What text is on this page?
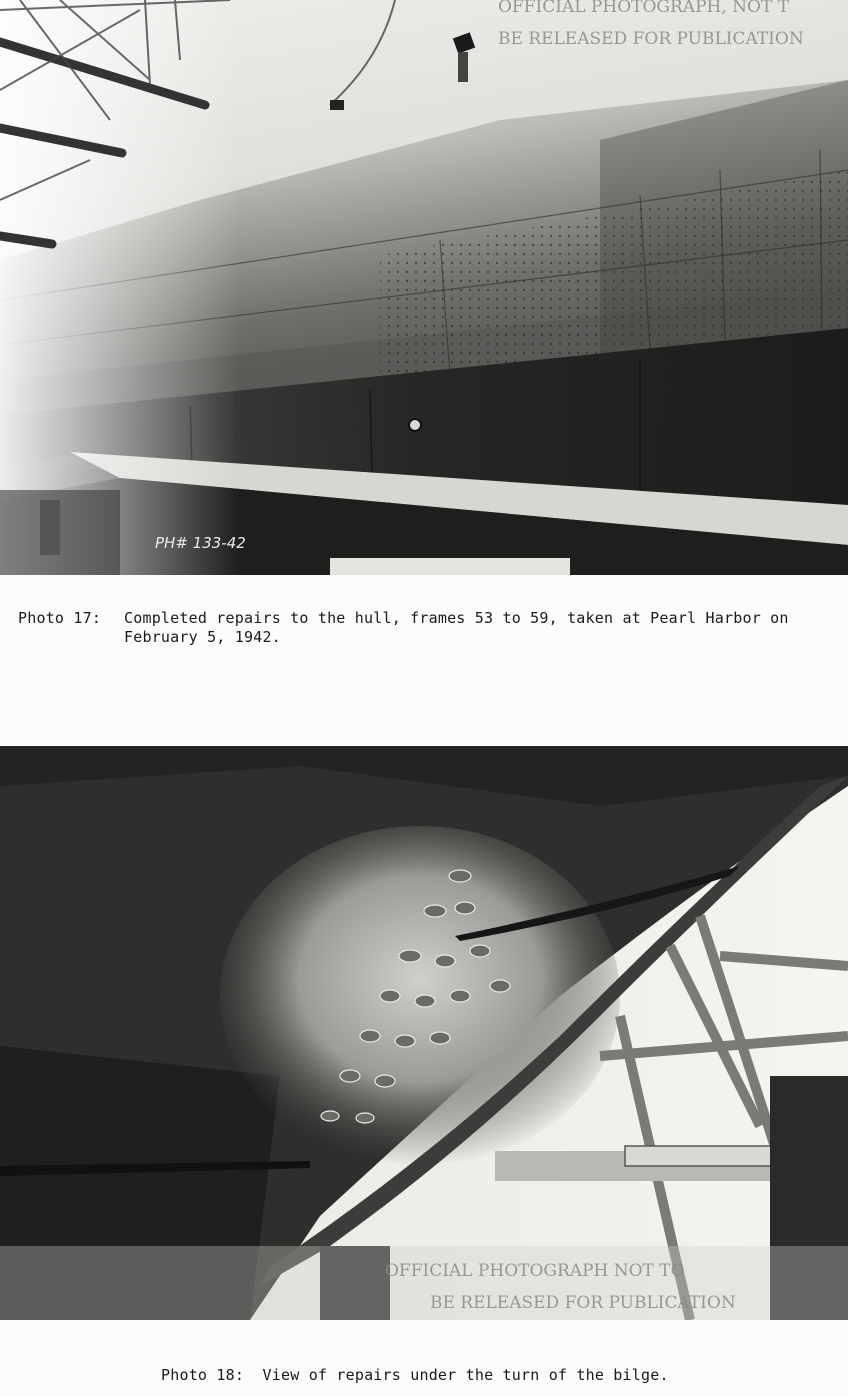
OFFICIAL PHOTOGRAPH, NOT T
BE RELEASED FOR PUBLICATION
PH# 133-42
Photo 17: Completed repairs to the hull, frames 53 to 59, taken at Pearl Harbor on
February 5, 1942.
OFFICIAL PHOTOGRAPH NOT TO
BE RELEASED FOR PUBLICATION
Photo 18:  View of repairs under the turn of the bilge.
